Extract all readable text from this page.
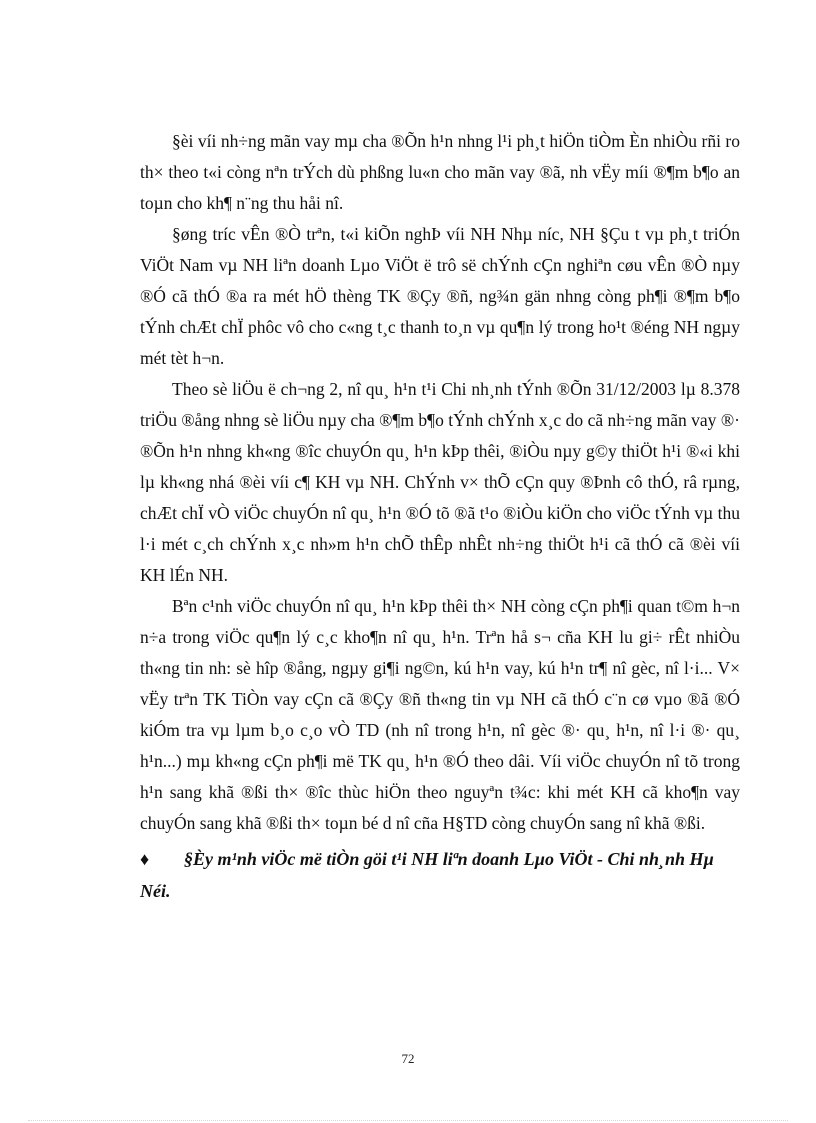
§èi víi nh÷ng mãn vay mµ cha ®Õn h¹n nhng l¹i ph¸t hiÖn tiÒm Èn nhiÒu rñi ro th× theo t«i còng nªn trÝch dù phßng lu«n cho mãn vay ®ã, nh vËy míi ®¶m b¶o an toµn cho kh¶ n¨ng thu håi nî.

§øng tríc vÊn ®Ò trªn, t«i kiÕn nghÞ víi NH Nhµ níc, NH §Çu t vµ ph¸t triÓn ViÖt Nam vµ NH liªn doanh Lµo ViÖt ë trô së chÝnh cÇn nghiªn cøu vÊn ®Ò nµy ®Ó cã thÓ ®a ra mét hÖ thèng TK ®Çy ®ñ, ng¾n gän nhng còng ph¶i ®¶m b¶o tÝnh chÆt chÏ phôc vô cho c«ng t¸c thanh to¸n vµ qu¶n lý trong ho¹t ®éng NH ngµy mét tèt h¬n.

Theo sè liÖu ë ch¬ng 2, nî qu¸ h¹n t¹i Chi nh¸nh tÝnh ®Õn 31/12/2003 lµ 8.378 triÖu ®ång nhng sè liÖu nµy cha ®¶m b¶o tÝnh chÝnh x¸c do cã nh÷ng mãn vay ®· ®Õn h¹n nhng kh«ng ®îc chuyÓn qu¸ h¹n kÞp thêi, ®iÒu nµy g©y thiÖt h¹i ®«i khi lµ kh«ng nhá ®èi víi c¶ KH vµ NH. ChÝnh v× thÕ cÇn quy ®Þnh cô thÓ, râ rµng, chÆt chÏ vÒ viÖc chuyÓn nî qu¸ h¹n ®Ó tõ ®ã t¹o ®iÒu kiÖn cho viÖc tÝnh vµ thu l·i mét c¸ch chÝnh x¸c nh»m h¹n chÕ thÊp nhÊt nh÷ng thiÖt h¹i cã thÓ cã ®èi víi KH lÉn NH.

Bªn c¹nh viÖc chuyÓn nî qu¸ h¹n kÞp thêi th× NH còng cÇn ph¶i quan t©m h¬n n÷a trong viÖc qu¶n lý c¸c kho¶n nî qu¸ h¹n. Trªn hå s¬ cña KH lu gi÷ rÊt nhiÒu th«ng tin nh: sè hîp ®ång, ngµy gi¶i ng©n, kú h¹n vay, kú h¹n tr¶ nî gèc, nî l·i... V× vËy trªn TK TiÒn vay cÇn cã ®Çy ®ñ th«ng tin vµ NH cã thÓ c¨n cø vµo ®ã ®Ó kiÓm tra vµ lµm b¸o c¸o vÒ TD (nh nî trong h¹n, nî gèc ®· qu¸ h¹n, nî l·i ®· qu¸ h¹n...) mµ kh«ng cÇn ph¶i më TK qu¸ h¹n ®Ó theo dâi. Víi viÖc chuyÓn nî tõ trong h¹n sang khã ®ßi th× ®îc thùc hiÖn theo nguyªn t¾c: khi mét KH cã kho¶n vay chuyÓn sang khã ®ßi th× toµn bé d nî cña H§TD còng chuyÓn sang nî khã ®ßi.

♦ §Èy m¹nh viÖc më tiÒn göi t¹i NH liªn doanh Lµo ViÖt - Chi nh¸nh Hµ Néi.

72
